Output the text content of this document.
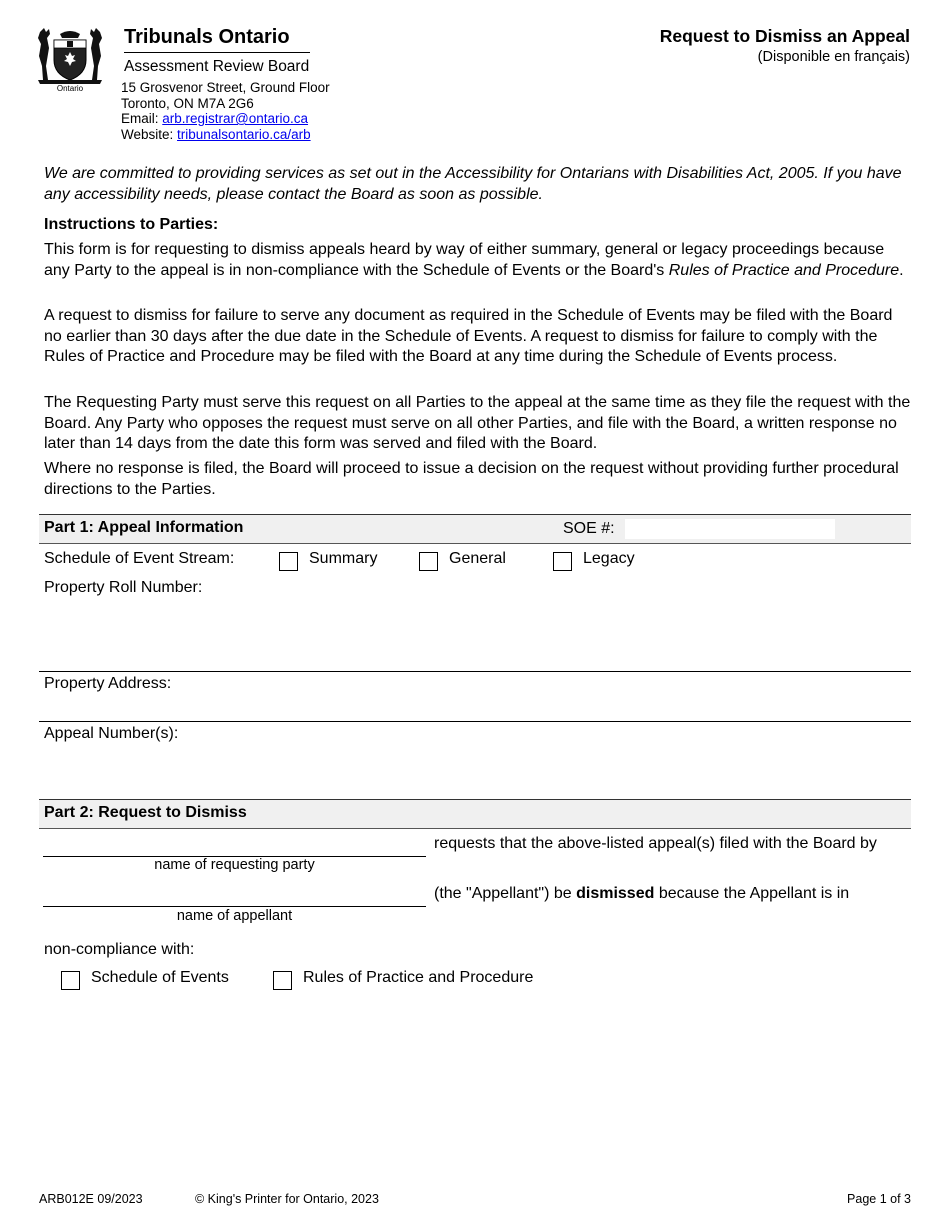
Ontario
Tribunals Ontario
Assessment Review Board
15 Grosvenor Street, Ground Floor
Toronto, ON M7A 2G6
Email: arb.registrar@ontario.ca
Website: tribunalsontario.ca/arb
Request to Dismiss an Appeal
(Disponible en français)
We are committed to providing services as set out in the Accessibility for Ontarians with Disabilities Act, 2005. If you have any accessibility needs, please contact the Board as soon as possible.
Instructions to Parties:
This form is for requesting to dismiss appeals heard by way of either summary, general or legacy proceedings because any Party to the appeal is in non-compliance with the Schedule of Events or the Board's Rules of Practice and Procedure.
A request to dismiss for failure to serve any document as required in the Schedule of Events may be filed with the Board no earlier than 30 days after the due date in the Schedule of Events. A request to dismiss for failure to comply with the Rules of Practice and Procedure may be filed with the Board at any time during the Schedule of Events process.
The Requesting Party must serve this request on all Parties to the appeal at the same time as they file the request with the Board. Any Party who opposes the request must serve on all other Parties, and file with the Board, a written response no later than 14 days from the date this form was served and filed with the Board.
Where no response is filed, the Board will proceed to issue a decision on the request without providing further procedural directions to the Parties.
Part 1: Appeal Information	SOE #:
Schedule of Event Stream:	Summary	General	Legacy
Property Roll Number:
Property Address:
Appeal Number(s):
Part 2: Request to Dismiss
name of requesting party
requests that the above-listed appeal(s) filed with the Board by
name of appellant
(the "Appellant") be dismissed because the Appellant is in
non-compliance with:
Schedule of Events	Rules of Practice and Procedure
ARB012E 09/2023	© King's Printer for Ontario, 2023	Page 1 of 3
